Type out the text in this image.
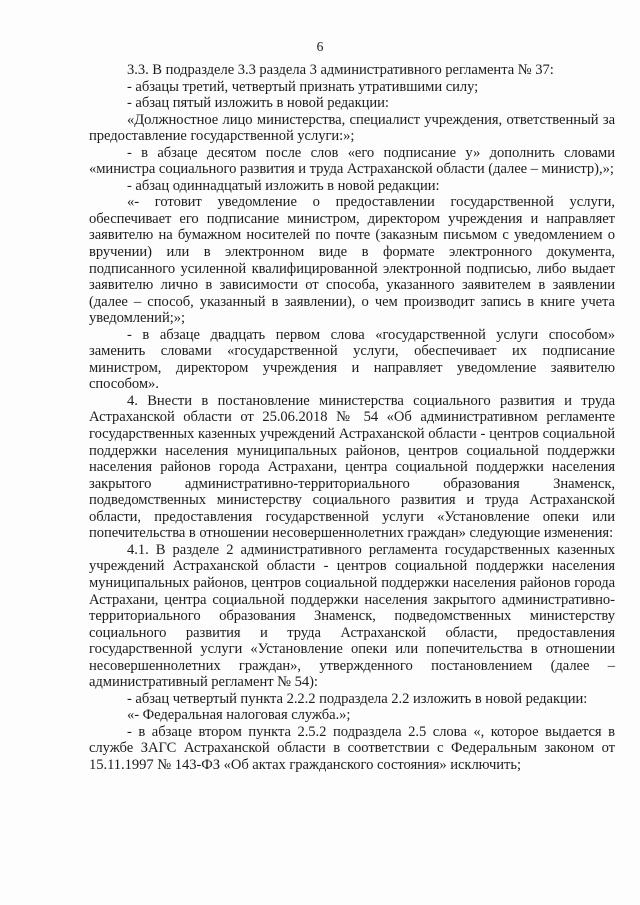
6

3.3. В подразделе 3.3 раздела 3 административного регламента № 37:

- абзацы третий, четвертый признать утратившими силу;

- абзац пятый изложить в новой редакции:

«Должностное лицо министерства, специалист учреждения, ответственный за предоставление государственной услуги:»;

- в абзаце десятом после слов «его подписание у» дополнить словами «министра социального развития и труда Астраханской области (далее – министр),»;

- абзац одиннадцатый изложить в новой редакции:

«- готовит уведомление о предоставлении государственной услуги, обеспечивает его подписание министром, директором учреждения и направляет заявителю на бумажном носителей по почте (заказным письмом с уведомлением о вручении) или в электронном виде в формате электронного документа, подписанного усиленной квалифицированной электронной подписью, либо выдает заявителю лично в зависимости от способа, указанного заявителем в заявлении (далее – способ, указанный в заявлении), о чем производит запись в книге учета уведомлений;»;

- в абзаце двадцать первом слова «государственной услуги способом» заменить словами «государственной услуги, обеспечивает их подписание министром, директором учреждения и направляет уведомление заявителю способом».

4. Внести в постановление министерства социального развития и труда Астраханской области от 25.06.2018 № 54 «Об административном регламенте государственных казенных учреждений Астраханской области - центров социальной поддержки населения муниципальных районов, центров социальной поддержки населения районов города Астрахани, центра социальной поддержки населения закрытого административно-территориального образования Знаменск, подведомственных министерству социального развития и труда Астраханской области, предоставления государственной услуги «Установление опеки или попечительства в отношении несовершеннолетних граждан» следующие изменения:

4.1. В разделе 2 административного регламента государственных казенных учреждений Астраханской области - центров социальной поддержки населения муниципальных районов, центров социальной поддержки населения районов города Астрахани, центра социальной поддержки населения закрытого административно-территориального образования Знаменск, подведомственных министерству социального развития и труда Астраханской области, предоставления государственной услуги «Установление опеки или попечительства в отношении несовершеннолетних граждан», утвержденного постановлением (далее – административный регламент № 54):

- абзац четвертый пункта 2.2.2 подраздела 2.2 изложить в новой редакции:

«- Федеральная налоговая служба.»;

- в абзаце втором пункта 2.5.2 подраздела 2.5 слова «, которое выдается в службе ЗАГС Астраханской области в соответствии с Федеральным законом от 15.11.1997 № 143-ФЗ «Об актах гражданского состояния» исключить;
